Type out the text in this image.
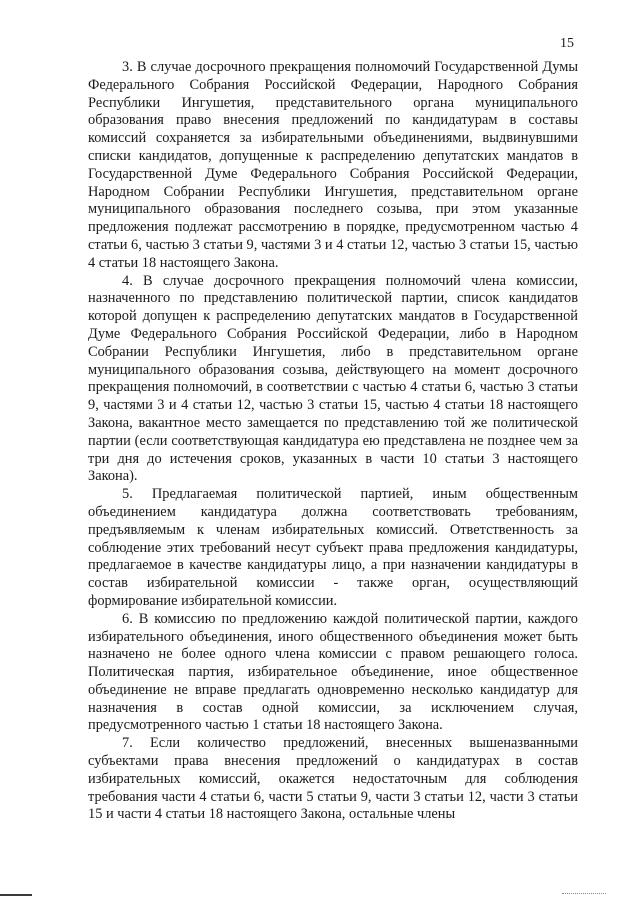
15

3. В случае досрочного прекращения полномочий Государственной Думы Федерального Собрания Российской Федерации, Народного Собрания Республики Ингушетия, представительного органа муниципального образования право внесения предложений по кандидатурам в составы комиссий сохраняется за избирательными объединениями, выдвинувшими списки кандидатов, допущенные к распределению депутатских мандатов в Государственной Думе Федерального Собрания Российской Федерации, Народном Собрании Республики Ингушетия, представительном органе муниципального образования последнего созыва, при этом указанные предложения подлежат рассмотрению в порядке, предусмотренном частью 4 статьи 6, частью 3 статьи 9, частями 3 и 4 статьи 12, частью 3 статьи 15, частью 4 статьи 18 настоящего Закона.

4. В случае досрочного прекращения полномочий члена комиссии, назначенного по представлению политической партии, список кандидатов которой допущен к распределению депутатских мандатов в Государственной Думе Федерального Собрания Российской Федерации, либо в Народном Собрании Республики Ингушетия, либо в представительном органе муниципального образования созыва, действующего на момент досрочного прекращения полномочий, в соответствии с частью 4 статьи 6, частью 3 статьи 9, частями 3 и 4 статьи 12, частью 3 статьи 15, частью 4 статьи 18 настоящего Закона, вакантное место замещается по представлению той же политической партии (если соответствующая кандидатура ею представлена не позднее чем за три дня до истечения сроков, указанных в части 10 статьи 3 настоящего Закона).

5. Предлагаемая политической партией, иным общественным объединением кандидатура должна соответствовать требованиям, предъявляемым к членам избирательных комиссий. Ответственность за соблюдение этих требований несут субъект права предложения кандидатуры, предлагаемое в качестве кандидатуры лицо, а при назначении кандидатуры в состав избирательной комиссии - также орган, осуществляющий формирование избирательной комиссии.

6. В комиссию по предложению каждой политической партии, каждого избирательного объединения, иного общественного объединения может быть назначено не более одного члена комиссии с правом решающего голоса. Политическая партия, избирательное объединение, иное общественное объединение не вправе предлагать одновременно несколько кандидатур для назначения в состав одной комиссии, за исключением случая, предусмотренного частью 1 статьи 18 настоящего Закона.

7. Если количество предложений, внесенных вышеназванными субъектами права внесения предложений о кандидатурах в состав избирательных комиссий, окажется недостаточным для соблюдения требования части 4 статьи 6, части 5 статьи 9, части 3 статьи 12, части 3 статьи 15 и части 4 статьи 18 настоящего Закона, остальные члены
